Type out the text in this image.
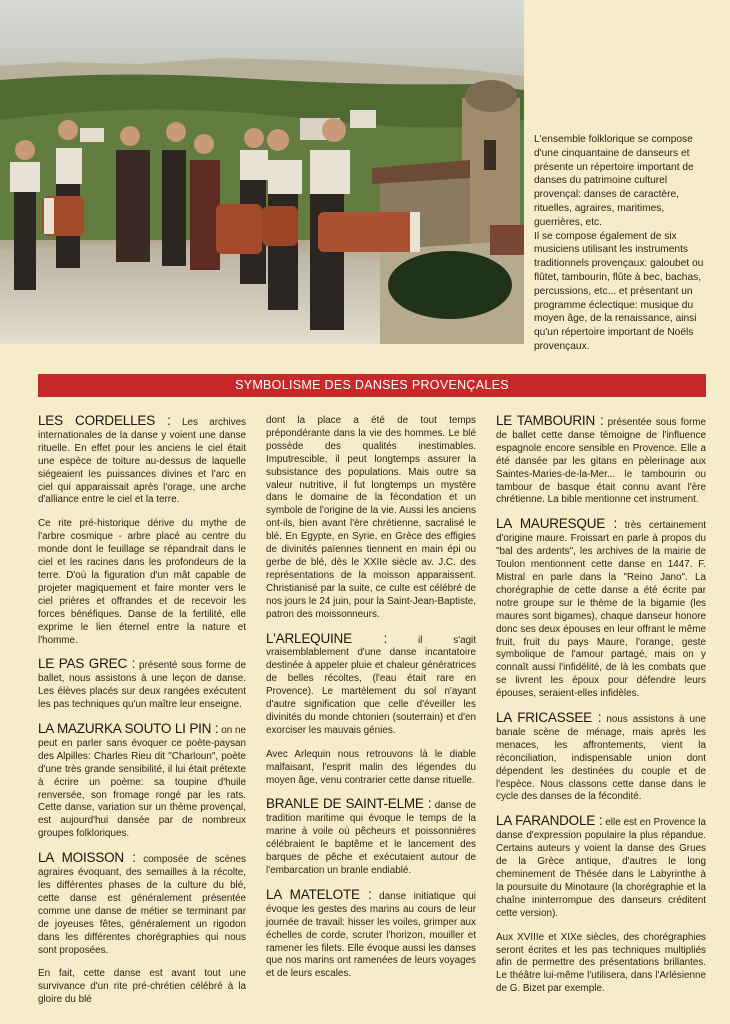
L'ensemble folklorique se compose d'une cinquantaine de danseurs et présente un répertoire important de danses du patrimoine culturel provençal: danses de caractère, rituelles, agraires, maritimes, guerrières, etc.

Il se compose également de six musiciens utilisant les instruments traditionnels provençaux: galoubet ou flûtet, tambourin, flûte à bec, bachas, percussions, etc... et présentant un programme éclectique: musique du moyen âge, de la renaissance, ainsi qu'un répertoire important de Noëls provençaux.

SYMBOLISME DES DANSES PROVENÇALES

LES CORDELLES : Les archives internationales de la danse y voient une danse rituelle. En effet pour les anciens le ciel était une espèce de toiture au-dessus de laquelle siégeaient les puissances divines et l'arc en ciel qui apparaissait après l'orage, une arche d'alliance entre le ciel et la terre.

Ce rite pré-historique dérive du mythe de l'arbre cosmique - arbre placé au centre du monde dont le feuillage se répandrait dans le ciel et les racines dans les profondeurs de la terre. D'où la figuration d'un mât capable de projeter magiquement et faire monter vers le ciel prières et offrandes et de recevoir les forces bénéfiques. Danse de la fertilité, elle exprime le lien éternel entre la nature et l'homme.

LE PAS GREC : présenté sous forme de ballet, nous assistons à une leçon de danse. Les élèves placés sur deux rangées exécutent les pas techniques qu'un maître leur enseigne.

LA MAZURKA SOUTO LI PIN : on ne peut en parler sans évoquer ce poète-paysan des Alpilles: Charles Rieu dit "Charloun", poète d'une très grande sensibilité, il lui était prétexte à écrire un poème: sa toupine d'huile renversée, son fromage rongé par les rats. Cette danse, variation sur un thème provençal, est aujourd'hui dansée par de nombreux groupes folkloriques.

LA MOISSON : composée de scènes agraires évoquant, des semailles à la récolte, les différentes phases de la culture du blé, cette danse est généralement présentée comme une danse de métier se terminant par de joyeuses fêtes, généralement un rigodon dans les différentes chorégraphies qui nous sont proposées.

En fait, cette danse est avant tout une survivance d'un rite pré-chrétien célébré à la gloire du blé

dont la place a été de tout temps prépondérante dans la vie des hommes. Le blé possède des qualités inestimables. Imputrescible, il peut longtemps assurer la subsistance des populations. Mais outre sa valeur nutritive, il fut longtemps un mystère dans le domaine de la fécondation et un symbole de l'origine de la vie. Aussi les anciens ont-ils, bien avant l'ère chrétienne, sacralisé le blé. En Egypte, en Syrie, en Grèce des effigies de divinités païennes tiennent en main épi ou gerbe de blé, dès le XXIIe siècle av. J.C. des représentations de la moisson apparaissent. Christianisé par la suite, ce culte est célébré de nos jours le 24 juin, pour la Saint-Jean-Baptiste, patron des moissonneurs.

L'ARLEQUINE : il s'agit vraisemblablement d'une danse incantatoire destinée à appeler pluie et chaleur génératrices de belles récoltes, (l'eau était rare en Provence). Le martèlement du sol n'ayant d'autre signification que celle d'éveiller les divinités du monde chtonien (souterrain) et d'en exorciser les mauvais génies.

Avec Arlequin nous retrouvons là le diable malfaisant, l'esprit malin des légendes du moyen âge, venu contrarier cette danse rituelle.

BRANLE DE SAINT-ELME : danse de tradition maritime qui évoque le temps de la marine à voile où pêcheurs et poissonnières célébraient le baptême et le lancement des barques de pêche et exécutaient autour de l'embarcation un branle endiablé.

LA MATELOTE : danse initiatique qui évoque les gestes des marins au cours de leur journée de travail: hisser les voiles, grimper aux échelles de corde, scruter l'horizon, mouiller et ramener les filets. Elle évoque aussi les danses que nos marins ont ramenées de leurs voyages et de leurs escales.

LE TAMBOURIN : présentée sous forme de ballet cette danse témoigne de l'influence espagnole encore sensible en Provence. Elle a été dansée par les gitans en pèlerinage aux Saintes-Maries-de-la-Mer... le tambourin ou tambour de basque était connu avant l'ère chrétienne. La bible mentionne cet instrument.

LA MAURESQUE : très certainement d'origine maure. Froissart en parle à propos du "bal des ardents", les archives de la mairie de Toulon mentionnent cette danse en 1447. F. Mistral en parle dans la "Reino Jano". La chorégraphie de cette danse a été écrite par notre groupe sur le thème de la bigamie (les maures sont bigames), chaque danseur honore donc ses deux épouses en leur offrant le même fruit, fruit du pays Maure, l'orange, geste symbolique de l'amour partagé, mais on y connaît aussi l'infidélité, de là les combats que se livrent les époux pour défendre leurs épouses, seraient-elles infidèles.

LA FRICASSEE : nous assistons à une banale scène de ménage, mais après les menaces, les affrontements, vient la réconciliation, indispensable union dont dépendent les destinées du couple et de l'espèce. Nous classons cette danse dans le cycle des danses de la fécondité.

LA FARANDOLE : elle est en Provence la danse d'expression populaire la plus répandue. Certains auteurs y voient la danse des Grues de la Grèce antique, d'autres le long cheminement de Thésée dans le Labyrinthe à la poursuite du Minotaure (la chorégraphie et la chaîne ininterrompue des danseurs créditent cette version).

Aux XVIIIe et XIXe siècles, des chorégraphies seront écrites et les pas techniques multipliés afin de permettre des présentations brillantes. Le théâtre lui-même l'utilisera, dans l'Arlésienne de G. Bizet par exemple.
